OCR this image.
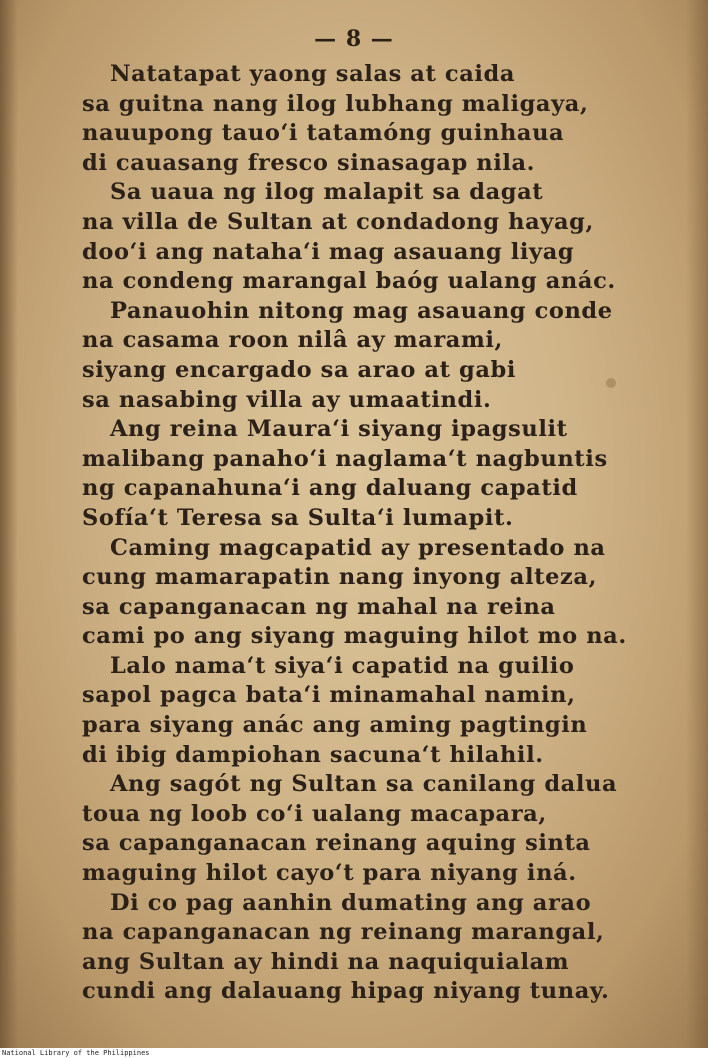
— 8 —
Natatapat yaong salas at caida
sa guitna nang ilog lubhang maligaya,
nauupong tauo‘i tatamóng guinhaua
di cauasang fresco sinasagap nila.
Sa uaua ng ilog malapit sa dagat
na villa de Sultan at condadong hayag,
doo‘i ang nataha‘i mag asauang liyag
na condeng marangal baóg ualang anác.
Panauohin nitong mag asauang conde
na casama roon nilâ ay marami,
siyang encargado sa arao at gabi
sa nasabing villa ay umaatindi.
Ang reina Maura‘i siyang ipagsulit
malibang panaho‘i naglama‘t nagbuntis
ng capanahuna‘i ang daluang capatid
Sofía‘t Teresa sa Sulta‘i lumapit.
Caming magcapatid ay presentado na
cung mamarapatin nang inyong alteza,
sa capanganacan ng mahal na reina
cami po ang siyang maguing hilot mo na.
Lalo nama‘t siya‘i capatid na guilio
sapol pagca bata‘i minamahal namin,
para siyang anác ang aming pagtingin
di ibig dampiohan sacuna‘t hilahil.
Ang sagót ng Sultan sa canilang dalua
toua ng loob co‘i ualang macapara,
sa capanganacan reinang aquing sinta
maguing hilot cayo‘t para niyang iná.
Di co pag aanhin dumating ang arao
na capanganacan ng reinang marangal,
ang Sultan ay hindi na naquiquialam
cundi ang dalauang hipag niyang tunay.
National Library of the Philippines
